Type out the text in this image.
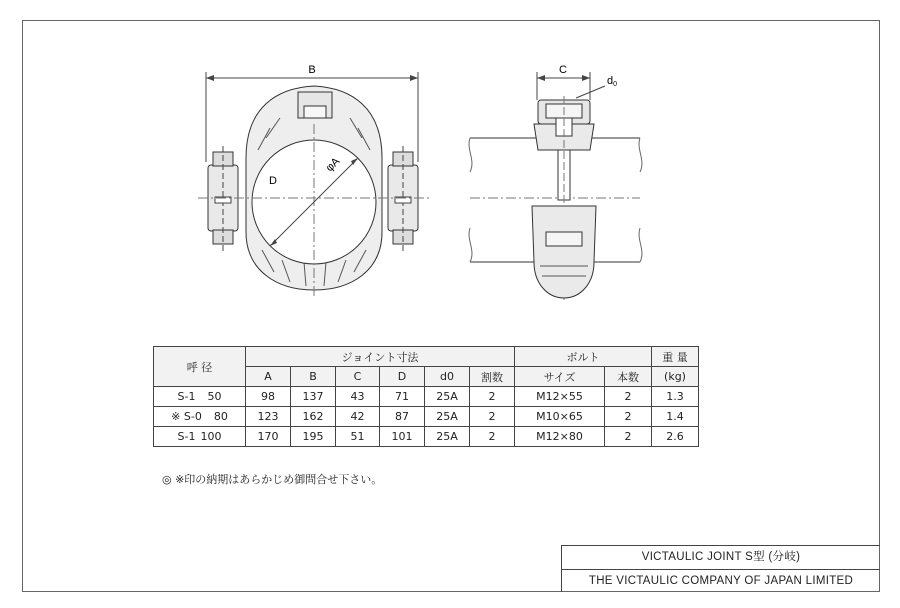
B
D
φA
C
d0
呼 径	ジョイント寸法						ボルト		重 量
	A	B	C	D	d0	割数	サイズ	本数	(kg)
S-1 50	98	137	43	71	25A	2	M12×55	2	1.3
※ S-0 80	123	162	42	87	25A	2	M10×65	2	1.4
S-1 100	170	195	51	101	25A	2	M12×80	2	2.6
◎ ※印の納期はあらかじめ御問合せ下さい。
VICTAULIC JOINT S型 (分岐)
THE VICTAULIC COMPANY OF JAPAN LIMITED
